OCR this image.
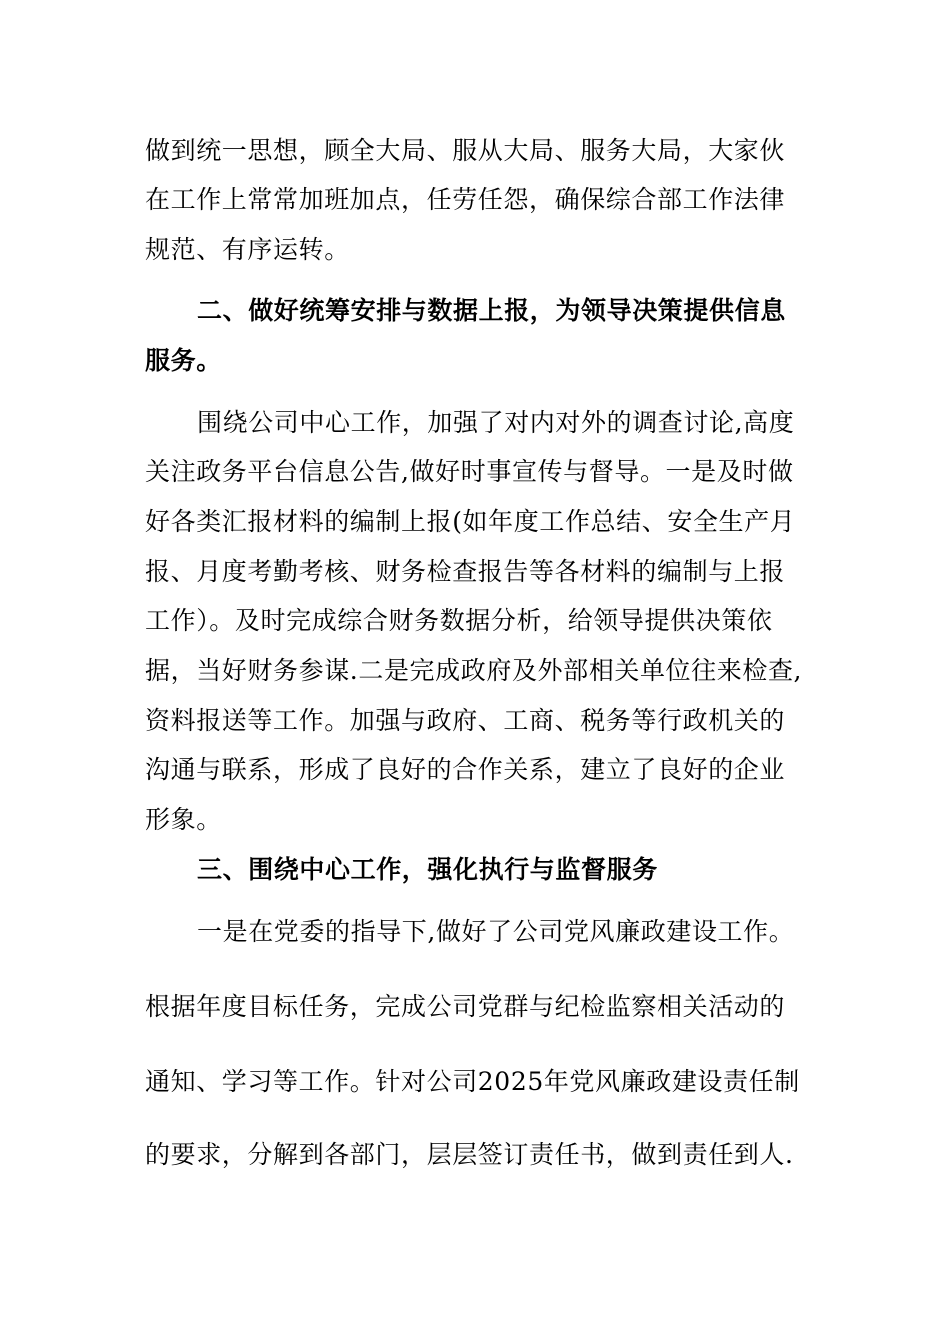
做到统一思想，顾全大局、服从大局、服务大局，大家伙
在工作上常常加班加点，任劳任怨，确保综合部工作法律
规范、有序运转。
二、做好统筹安排与数据上报，为领导决策提供信息
服务。
围绕公司中心工作，加强了对内对外的调查讨论,高度
关注政务平台信息公告,做好时事宣传与督导。一是及时做
好各类汇报材料的编制上报(如年度工作总结、安全生产月
报、月度考勤考核、财务检查报告等各材料的编制与上报
工作）。及时完成综合财务数据分析，给领导提供决策依
据，当好财务参谋.二是完成政府及外部相关单位往来检查,
资料报送等工作。加强与政府、工商、税务等行政机关的
沟通与联系，形成了良好的合作关系，建立了良好的企业
形象。
三、围绕中心工作，强化执行与监督服务
一是在党委的指导下,做好了公司党风廉政建设工作。
根据年度目标任务，完成公司党群与纪检监察相关活动的
通知、学习等工作。针对公司2025年党风廉政建设责任制
的要求，分解到各部门，层层签订责任书，做到责任到人.
